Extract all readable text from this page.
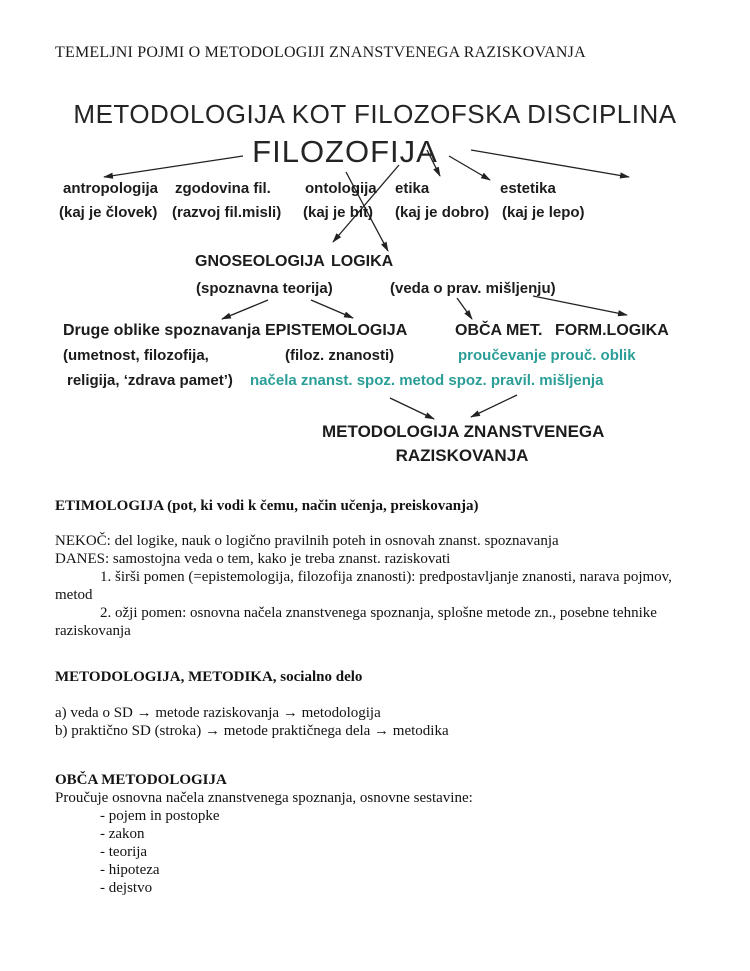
TEMELJNI POJMI O METODOLOGIJI ZNANSTVENEGA RAZISKOVANJA
METODOLOGIJA KOT FILOZOFSKA DISCIPLINA
FILOZOFIJA
antropologija zgodovina fil. ontologija etika	estetika
(kaj je človek) (razvoj fil.misli) (kaj je bit) (kaj je dobro) (kaj je lepo)
GNOSEOLOGIJA LOGIKA
(spoznavna teorija)	(veda o prav. mišljenju)
Druge oblike spoznavanja EPISTEMOLOGIJA	OBČA MET. FORM.LOGIKA
(umetnost, filozofija,	(filoz. znanosti)	proučevanje prouč. oblik
religija, ‘zdrava pamet’) načela znanst. spoz. metod spoz. pravil. mišljenja
METODOLOGIJA ZNANSTVENEGA
RAZISKOVANJA
ETIMOLOGIJA (pot, ki vodi k čemu, način učenja, preiskovanja)
NEKOČ: del logike, nauk o logično pravilnih poteh in osnovah znanst. spoznavanja
DANES: samostojna veda o tem, kako je treba znanst. raziskovati
1. širši pomen (=epistemologija, filozofija znanosti): predpostavljanje znanosti, narava pojmov,
metod
2. ožji pomen: osnovna načela znanstvenega spoznanja, splošne metode zn., posebne tehnike
raziskovanja
METODOLOGIJA, METODIKA, socialno delo
a) veda o SD → metode raziskovanja → metodologija
b) praktično SD (stroka) → metode praktičnega dela → metodika
OBČA METODOLOGIJA
Proučuje osnovna načela znanstvenega spoznanja, osnovne sestavine:
- pojem in postopke
- zakon
- teorija
- hipoteza
- dejstvo
